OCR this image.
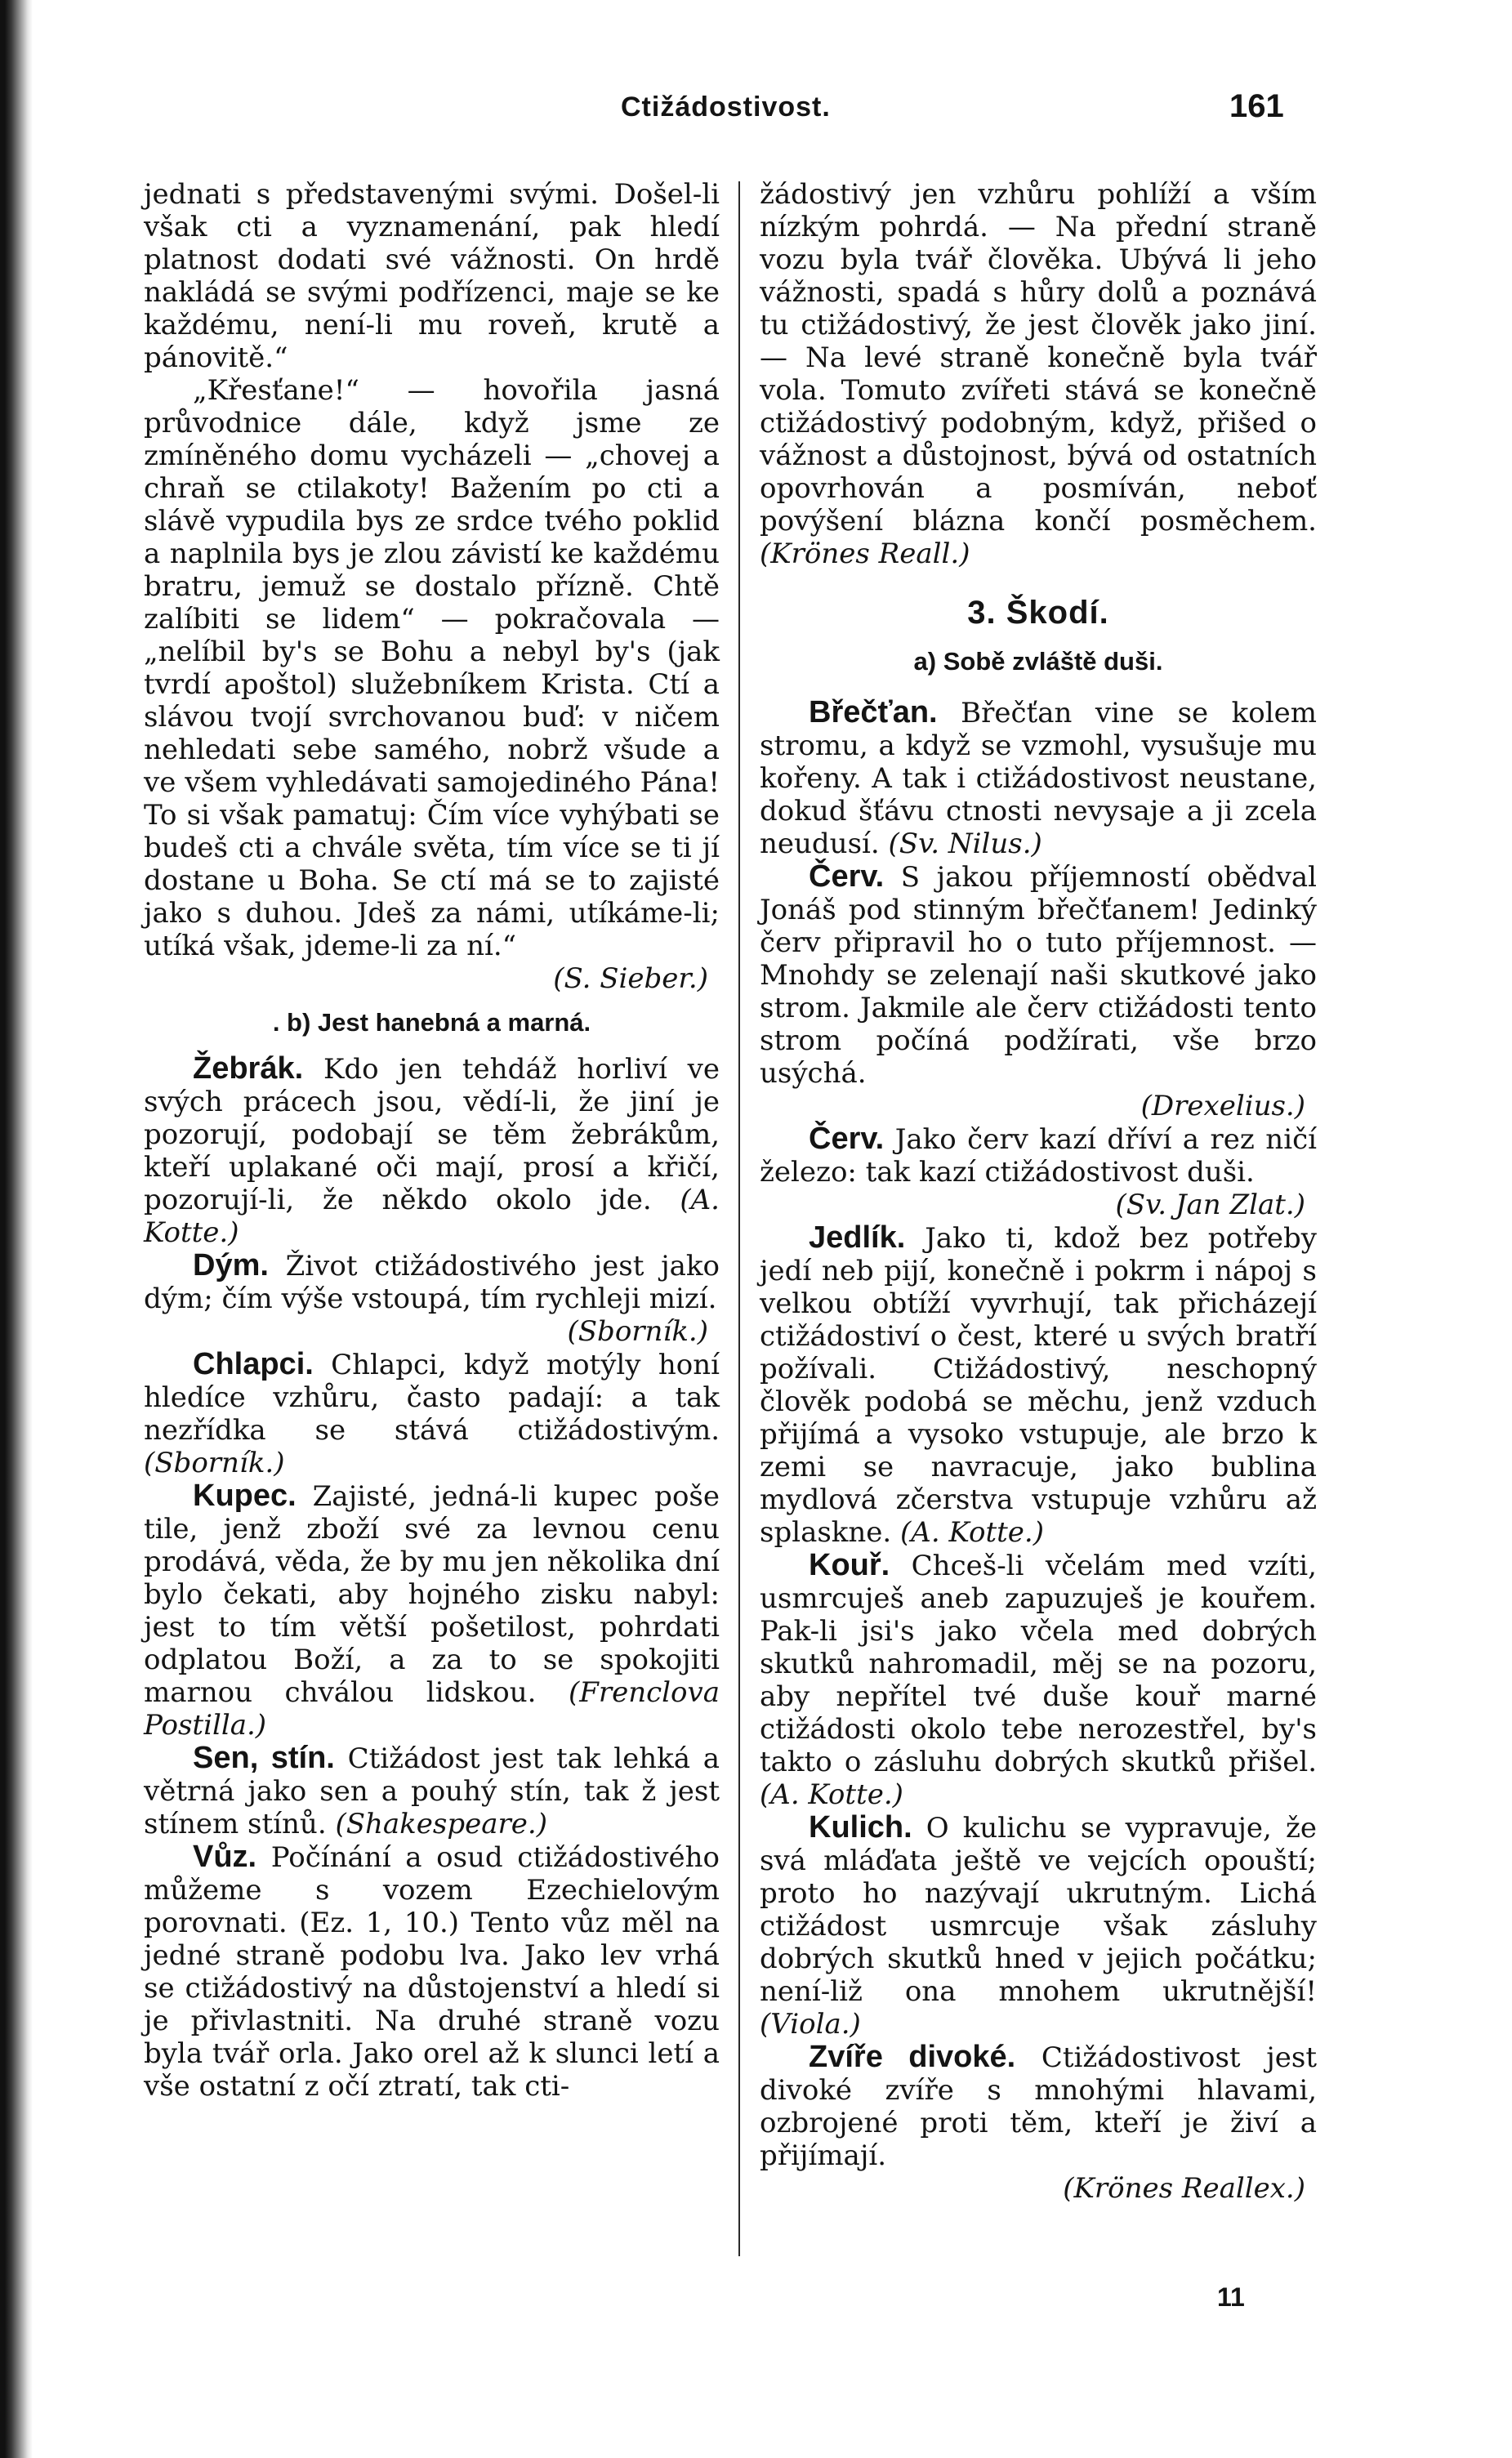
Ctižádostivost.	161

jednati s představenými svými. Došel-li však cti a vyznamenání, pak hledí platnost dodati své vážnosti. On hrdě nakládá se svými podřízenci, maje se ke každému, není-li mu roveň, krutě a pánovitě.“

„Křesťane!“ — hovořila jasná průvodnice dále, když jsme ze zmíněného domu vycházeli — „chovej a chraň se ctilakoty! Bažením po cti a slávě vypudila bys ze srdce tvého poklid a naplnila bys je zlou závistí ke každému bratru, jemuž se dostalo přízně. Chtě zalíbiti se lidem“ — pokračovala — „nelíbil by's se Bohu a nebyl by's (jak tvrdí apoštol) služebníkem Krista. Ctí a slávou tvojí svrchovanou buď: v ničem nehledati sebe samého, nobrž všude a ve všem vyhledávati samojediného Pána! To si však pamatuj: Čím více vyhýbati se budeš cti a chvále světa, tím více se ti jí dostane u Boha. Se ctí má se to zajisté jako s duhou. Jdeš za námi, utíkáme-li; utíká však, jdeme-li za ní.“
(S. Sieber.)

. b) Jest hanebná a marná.

Žebrák. Kdo jen tehdáž horliví ve svých prácech jsou, vědí-li, že jiní je pozorují, podobají se těm žebrákům, kteří uplakané oči mají, prosí a křičí, pozorují-li, že někdo okolo jde. (A. Kotte.)

Dým. Život ctižádostivého jest jako dým; čím výše vstoupá, tím rychleji mizí.
(Sborník.)

Chlapci. Chlapci, když motýly honí hledíce vzhůru, často padají: a tak nezřídka se stává ctižádostivým. (Sborník.)

Kupec. Zajisté, jedná-li kupec poše tile, jenž zboží své za levnou cenu prodává, věda, že by mu jen několika dní bylo čekati, aby hojného zisku nabyl: jest to tím větší pošetilost, pohrdati odplatou Boží, a za to se spokojiti marnou chválou lidskou. (Frenclova Postilla.)

Sen, stín. Ctižádost jest tak lehká a větrná jako sen a pouhý stín, tak ž jest stínem stínů. (Shakespeare.)

Vůz. Počínání a osud ctižádostivého můžeme s vozem Ezechielovým porovnati. (Ez. 1, 10.) Tento vůz měl na jedné straně podobu lva. Jako lev vrhá se ctižádostivý na důstojenství a hledí si je přivlastniti. Na druhé straně vozu byla tvář orla. Jako orel až k slunci letí a vše ostatní z očí ztratí, tak cti-

žádostivý jen vzhůru pohlíží a vším nízkým pohrdá. — Na přední straně vozu byla tvář člověka. Ubývá li jeho vážnosti, spadá s hůry dolů a poznává tu ctižádostivý, že jest člověk jako jiní. — Na levé straně konečně byla tvář vola. Tomuto zvířeti stává se konečně ctižádostivý podobným, když, přišed o vážnost a důstojnost, bývá od ostatních opovrhován a posmíván, neboť povýšení blázna končí posměchem. (Krönes Reall.)

3. Škodí.
a) Sobě zvláště duši.

Břečťan. Břečťan vine se kolem stromu, a když se vzmohl, vysušuje mu kořeny. A tak i ctižádostivost neustane, dokud šťávu ctnosti nevysaje a ji zcela neudusí. (Sv. Nilus.)

Červ. S jakou příjemností obědval Jonáš pod stinným břečťanem! Jedinký červ připravil ho o tuto příjemnost. — Mnohdy se zelenají naši skutkové jako strom. Jakmile ale červ ctižádosti tento strom počíná podžírati, vše brzo usýchá.
(Drexelius.)

Červ. Jako červ kazí dříví a rez ničí železo: tak kazí ctižádostivost duši.
(Sv. Jan Zlat.)

Jedlík. Jako ti, kdož bez potřeby jedí neb pijí, konečně i pokrm i nápoj s velkou obtíží vyvrhují, tak přicházejí ctižádostiví o čest, které u svých bratří požívali. Ctižádostivý, neschopný člověk podobá se měchu, jenž vzduch přijímá a vysoko vstupuje, ale brzo k zemi se navracuje, jako bublina mydlová zčerstva vstupuje vzhůru až splaskne. (A. Kotte.)

Kouř. Chceš-li včelám med vzíti, usmrcuješ aneb zapuzuješ je kouřem. Pak-li jsi's jako včela med dobrých skutků nahromadil, měj se na pozoru, aby nepřítel tvé duše kouř marné ctižádosti okolo tebe nerozestřel, by's takto o zásluhu dobrých skutků přišel. (A. Kotte.)

Kulich. O kulichu se vypravuje, že svá mláďata ještě ve vejcích opouští; proto ho nazývají ukrutným. Lichá ctižádost usmrcuje však zásluhy dobrých skutků hned v jejich počátku; není-liž ona mnohem ukrutnější! (Viola.)

Zvíře divoké. Ctižádostivost jest divoké zvíře s mnohými hlavami, ozbrojené proti těm, kteří je živí a přijímají.
(Krönes Reallex.)

11
